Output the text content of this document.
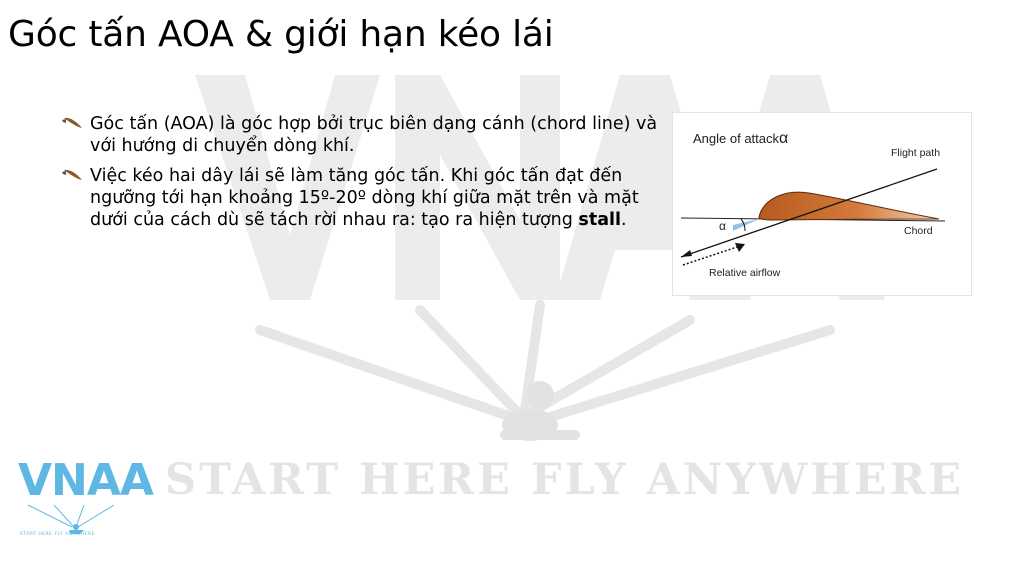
Góc tấn AOA & giới hạn kéo lái
Góc tấn (AOA) là góc hợp bởi trục biên dạng cánh (chord line) và với hướng di chuyển dòng khí.
Việc kéo hai dây lái sẽ làm tăng góc tấn. Khi góc tấn đạt đến ngưỡng tới hạn khoảng 15º-20º dòng khí giữa mặt trên và mặt dưới của cách dù sẽ tách rời nhau ra: tạo ra hiện tượng stall.
Angle of attackα
Flight path
Chord
Relative airflow
α
START HERE FLY ANYWHERE
VNAA
START HERE FLY ANYWHERE
